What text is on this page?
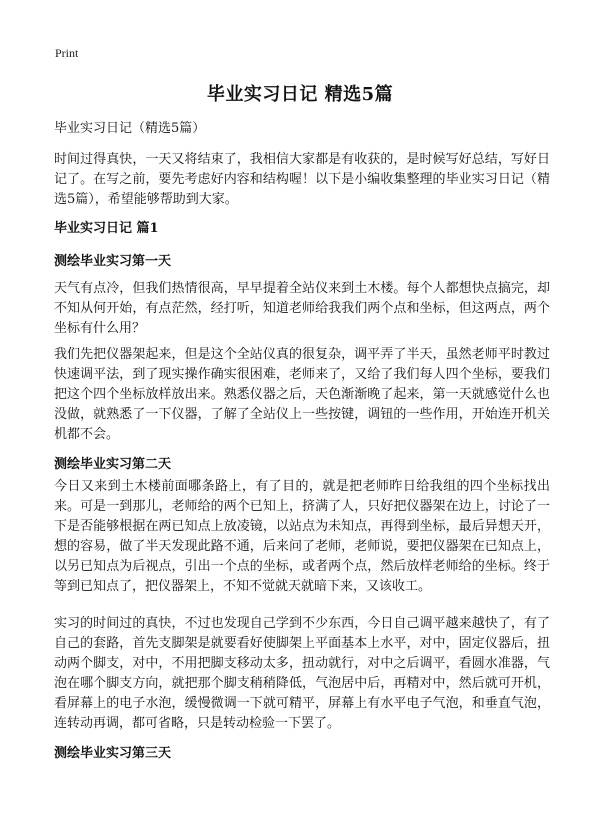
Print
毕业实习日记 精选5篇
毕业实习日记（精选5篇）
时间过得真快，一天又将结束了，我相信大家都是有收获的，是时候写好总结，写好日记了。在写之前，要先考虑好内容和结构喔！以下是小编收集整理的毕业实习日记（精选5篇），希望能够帮助到大家。
毕业实习日记 篇1
测绘毕业实习第一天
天气有点冷，但我们热情很高，早早提着全站仪来到土木楼。每个人都想快点搞完，却不知从何开始，有点茫然，经打听，知道老师给我我们两个点和坐标，但这两点，两个坐标有什么用？
我们先把仪器架起来，但是这个全站仪真的很复杂，调平弄了半天，虽然老师平时教过快速调平法，到了现实操作确实很困难，老师来了，又给了我们每人四个坐标，要我们把这个四个坐标放样放出来。熟悉仪器之后，天色渐渐晚了起来，第一天就感觉什么也没做，就熟悉了一下仪器，了解了全站仪上一些按键，调钮的一些作用，开始连开机关机都不会。
测绘毕业实习第二天
今日又来到土木楼前面哪条路上，有了目的，就是把老师昨日给我组的四个坐标找出来。可是一到那儿，老师给的两个已知上，挤满了人，只好把仪器架在边上，讨论了一下是否能够根据在两已知点上放凌镜，以站点为未知点，再得到坐标，最后异想天开，想的容易，做了半天发现此路不通，后来问了老师，老师说，要把仪器架在已知点上，以另已知点为后视点，引出一个点的坐标，或者两个点，然后放样老师给的坐标。终于等到已知点了，把仪器架上，不知不觉就天就暗下来，又该收工。
实习的时间过的真快，不过也发现自己学到不少东西，今日自己调平越来越快了，有了自己的套路，首先支脚架是就要看好使脚架上平面基本上水平，对中，固定仪器后，扭动两个脚支，对中，不用把脚支移动太多，扭动就行，对中之后调平，看圆水准器，气泡在哪个脚支方向，就把那个脚支稍稍降低，气泡居中后，再精对中，然后就可开机，看屏幕上的电子水泡，缓慢微调一下就可精平，屏幕上有水平电子气泡，和垂直气泡，连转动再调，都可省略，只是转动检验一下罢了。
测绘毕业实习第三天
